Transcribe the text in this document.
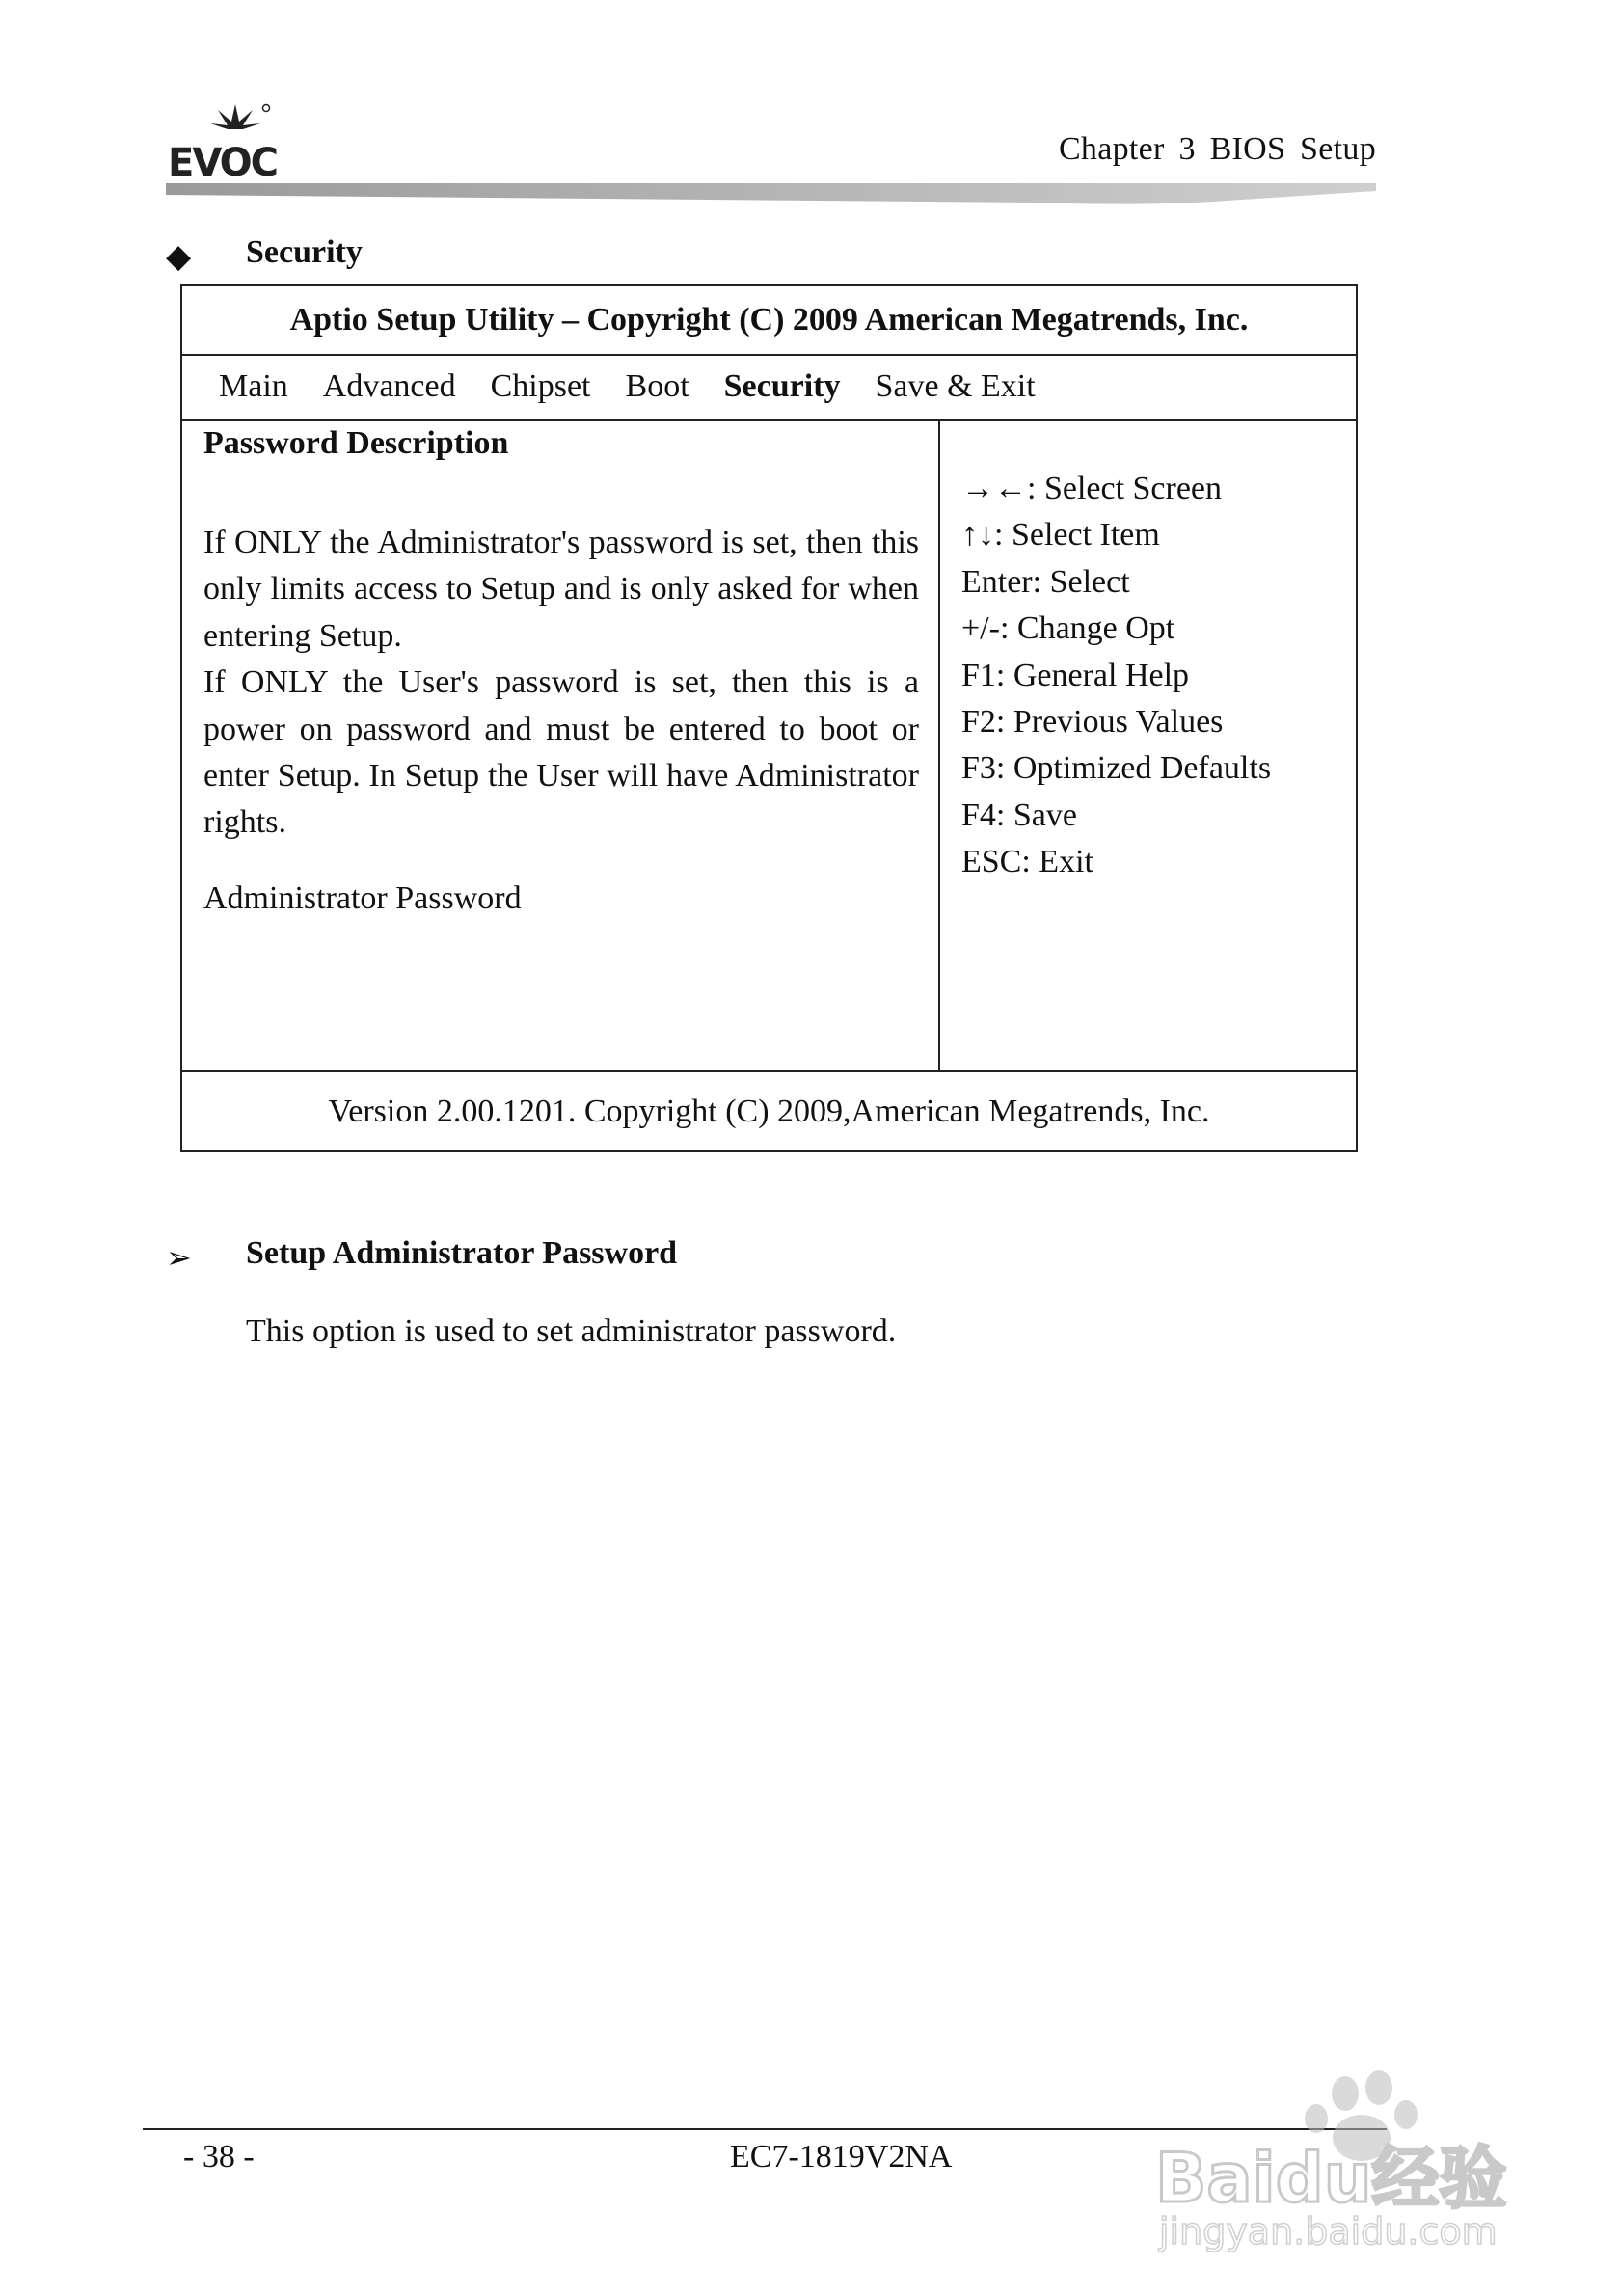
EVOC	Chapter 3 BIOS Setup
◆ Security
Aptio Setup Utility – Copyright (C) 2009 American Megatrends, Inc.
Main Advanced Chipset Boot Security Save & Exit
Password Description

If ONLY the Administrator's password is set, then this only limits access to Setup and is only asked for when entering Setup.

If ONLY the User's password is set, then this is a power on password and must be entered to boot or enter Setup. In Setup the User will have Administrator rights.

Administrator Password
→←: Select Screen
↑↓: Select Item
Enter: Select
+/-: Change Opt
F1: General Help
F2: Previous Values
F3: Optimized Defaults
F4: Save
ESC: Exit
Version 2.00.1201. Copyright (C) 2009,American Megatrends, Inc.
➢ Setup Administrator Password
This option is used to set administrator password.
- 38 -	EC7-1819V2NA	Baidu经验
jingyan.baidu.com
